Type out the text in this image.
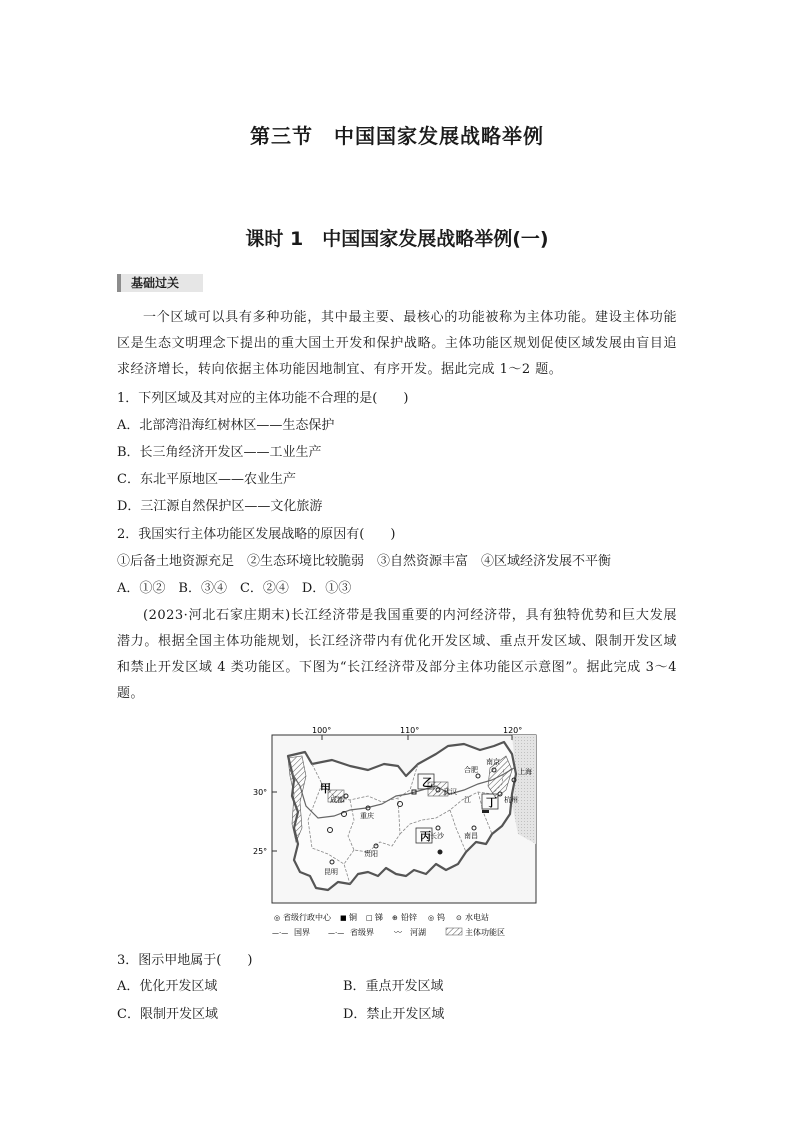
第三节　中国国家发展战略举例
课时 1　中国国家发展战略举例(一)
基础过关
一个区域可以具有多种功能，其中最主要、最核心的功能被称为主体功能。建设主体功能区是生态文明理念下提出的重大国土开发和保护战略。主体功能区规划促使区域发展由盲目追求经济增长，转向依据主体功能因地制宜、有序开发。据此完成 1～2 题。
1．下列区域及其对应的主体功能不合理的是(　　)
A．北部湾沿海红树林区——生态保护
B．长三角经济开发区——工业生产
C．东北平原地区——农业生产
D．三江源自然保护区——文化旅游
2．我国实行主体功能区发展战略的原因有(　　)
①后备土地资源充足　②生态环境比较脆弱　③自然资源丰富　④区域经济发展不平衡
A．①②　B．③④　C．②④　D．①③
(2023·河北石家庄期末)长江经济带是我国重要的内河经济带，具有独特优势和巨大发展潜力。根据全国主体功能规划，长江经济带内有优化开发区域、重点开发区域、限制开发区域和禁止开发区域 4 类功能区。下图为“长江经济带及部分主体功能区示意图”。据此完成 3～4 题。
100°	110°	120°
30°
25°
甲	乙
丙
丁
成都
重庆
武汉
合肥
南京
上海
杭州
长沙	南昌
贵阳
昆明
江
◎ 省级行政中心 ■ 铜 □ 锑 ⊕ 铅锌 ◎ 钨 ⊙ 水电站
—·— 国界	—·— 省级界	〰 河湖	主体功能区
3．图示甲地属于(　　)
A．优化开发区域	B．重点开发区域
C．限制开发区域	D．禁止开发区域
